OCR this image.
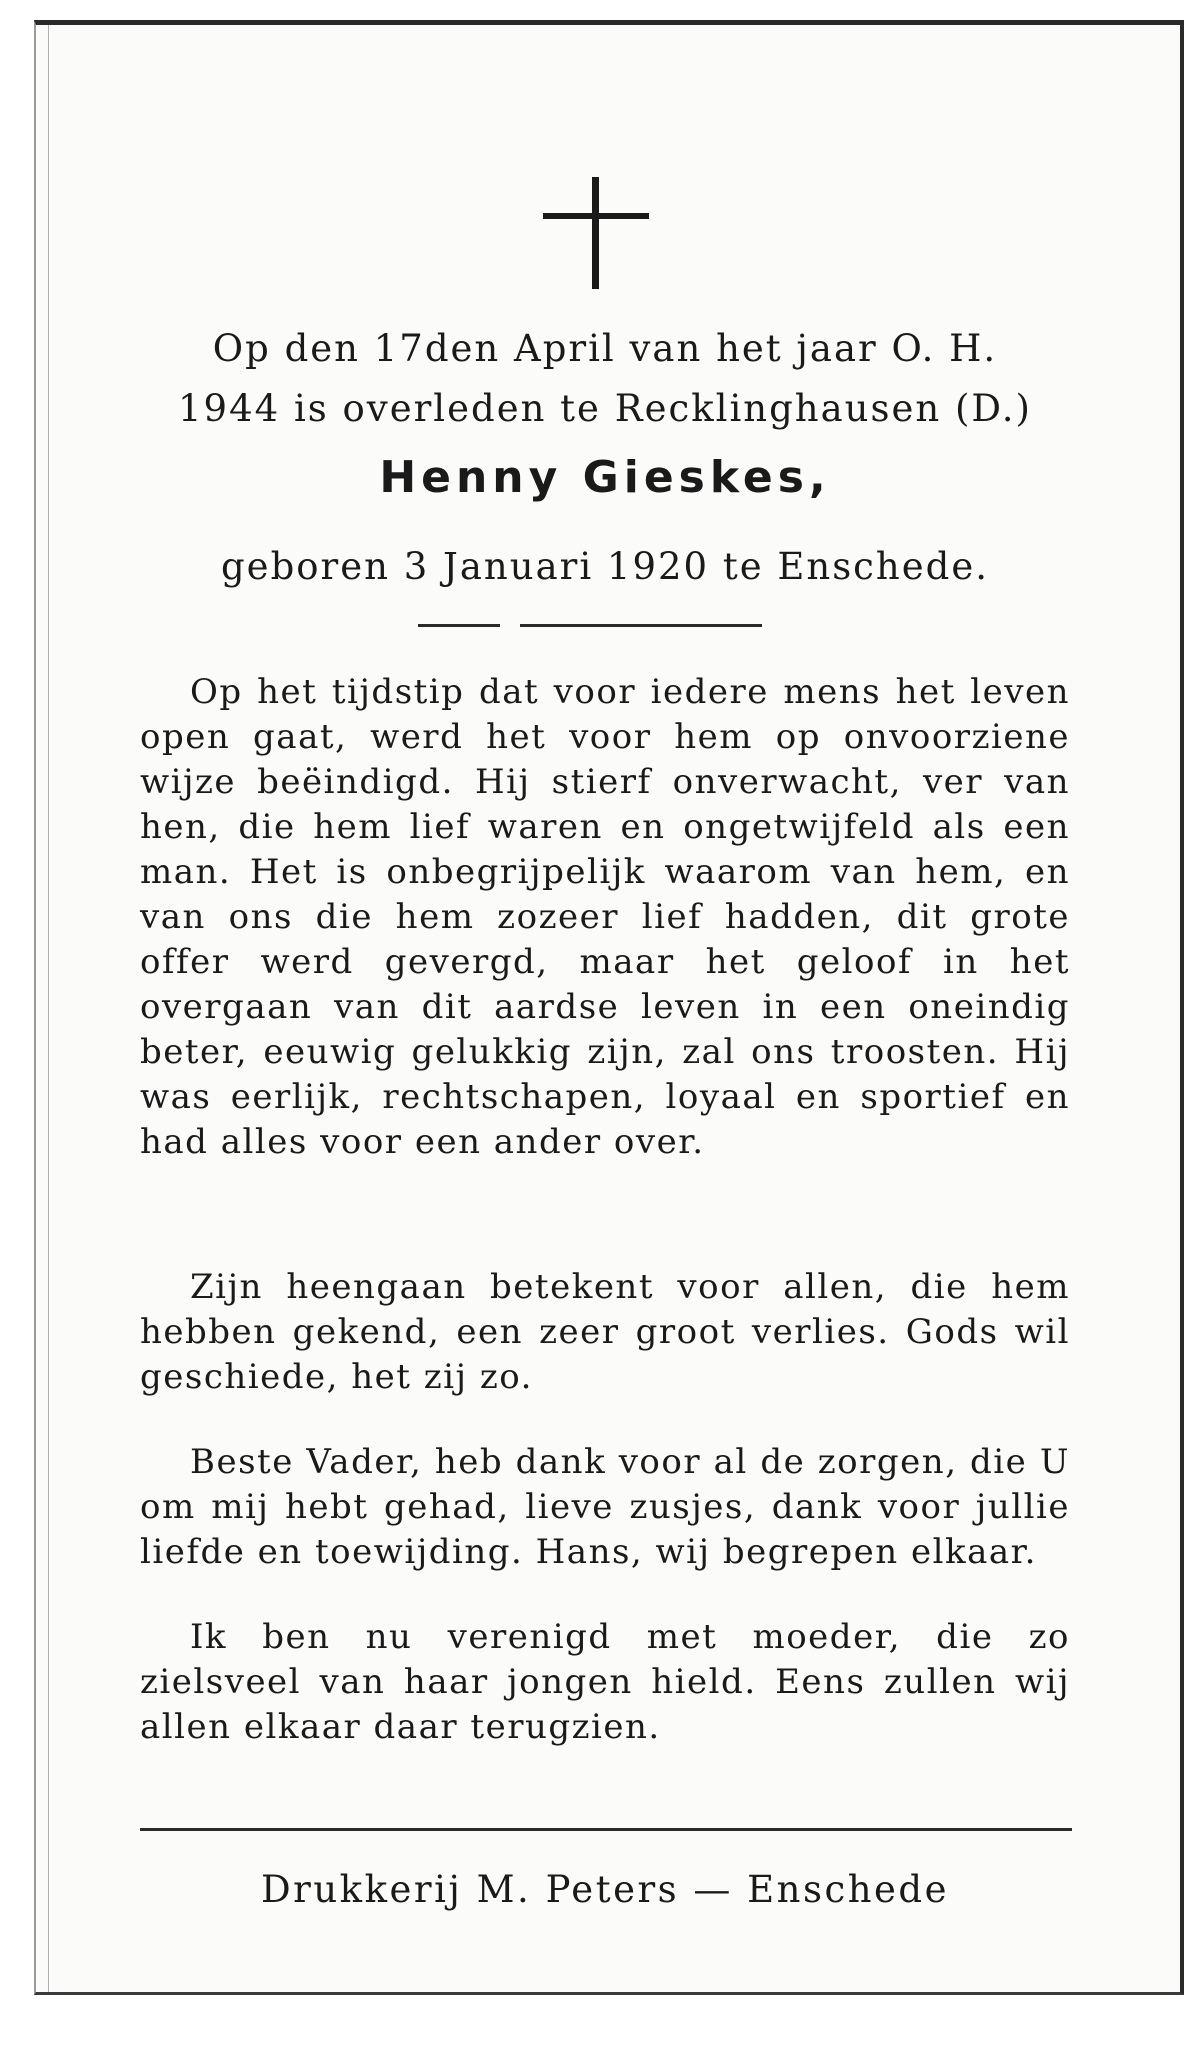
Op den 17den April van het jaar O. H.
1944 is overleden te Recklinghausen (D.)
Henny Gieskes,
geboren 3 Januari 1920 te Enschede.

Op het tijdstip dat voor iedere mens het leven open gaat, werd het voor hem op onvoorziene wijze beëindigd. Hij stierf onverwacht, ver van hen, die hem lief waren en ongetwijfeld als een man. Het is onbegrijpelijk waarom van hem, en van ons die hem zozeer lief hadden, dit grote offer werd gevergd, maar het geloof in het overgaan van dit aardse leven in een oneindig beter, eeuwig gelukkig zijn, zal ons troosten. Hij was eerlijk, rechtschapen, loyaal en sportief en had alles voor een ander over.

Zijn heengaan betekent voor allen, die hem hebben gekend, een zeer groot verlies. Gods wil geschiede, het zij zo.

Beste Vader, heb dank voor al de zorgen, die U om mij hebt gehad, lieve zusjes, dank voor jullie liefde en toewijding. Hans, wij begrepen elkaar.

Ik ben nu verenigd met moeder, die zo zielsveel van haar jongen hield. Eens zullen wij allen elkaar daar terugzien.

Drukkerij M. Peters — Enschede
